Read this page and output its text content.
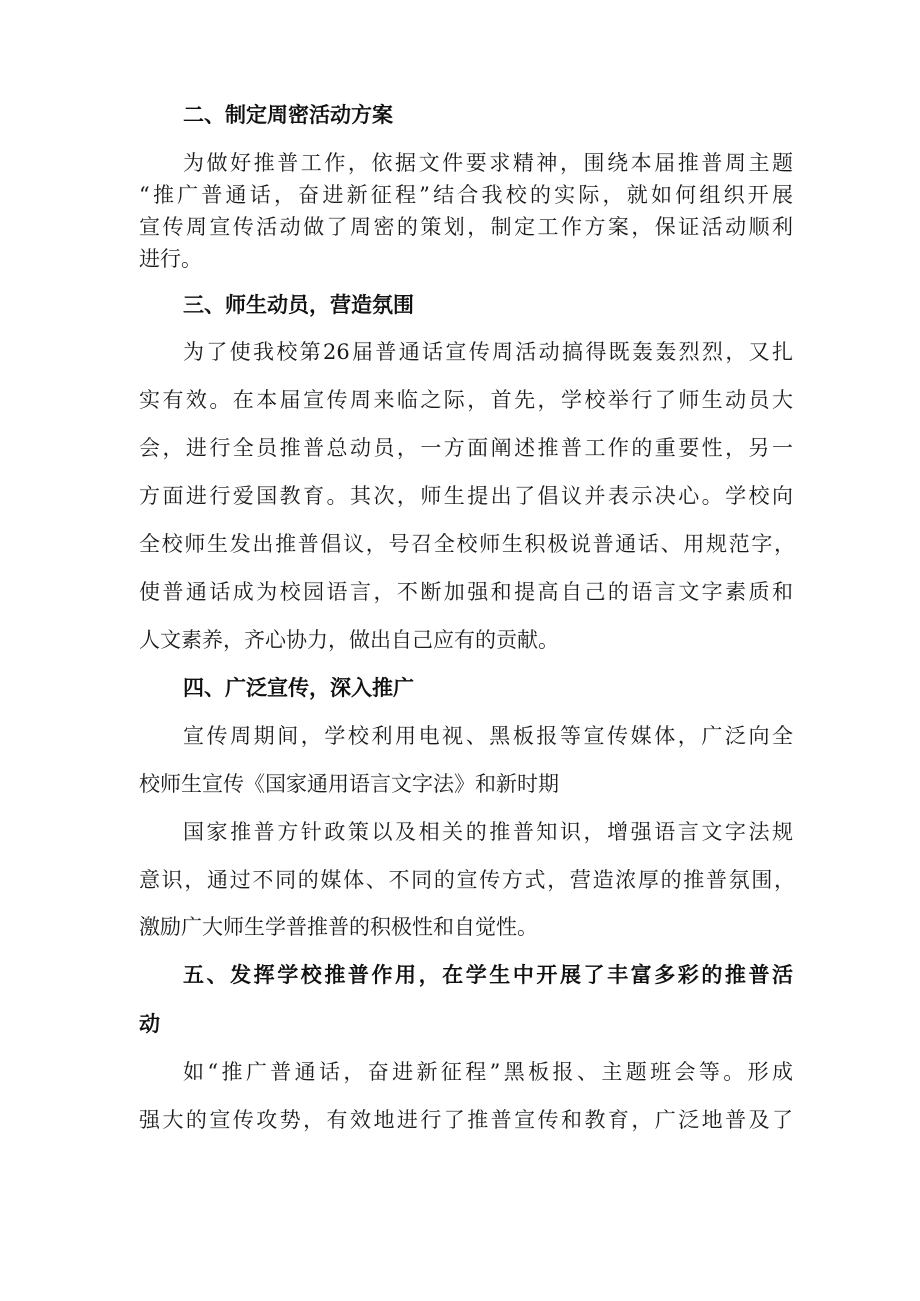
二、制定周密活动方案
为做好推普工作，依据文件要求精神，围绕本届推普周主题
“推广普通话，奋进新征程”结合我校的实际，就如何组织开展
宣传周宣传活动做了周密的策划，制定工作方案，保证活动顺利
进行。
三、师生动员，营造氛围
为了使我校第26届普通话宣传周活动搞得既轰轰烈烈，又扎
实有效。在本届宣传周来临之际，首先，学校举行了师生动员大
会，进行全员推普总动员，一方面阐述推普工作的重要性，另一
方面进行爱国教育。其次，师生提出了倡议并表示决心。学校向
全校师生发出推普倡议，号召全校师生积极说普通话、用规范字，
使普通话成为校园语言，不断加强和提高自己的语言文字素质和
人文素养，齐心协力，做出自己应有的贡献。
四、广泛宣传，深入推广
宣传周期间，学校利用电视、黑板报等宣传媒体，广泛向全
校师生宣传《国家通用语言文字法》和新时期
国家推普方针政策以及相关的推普知识，增强语言文字法规
意识，通过不同的媒体、不同的宣传方式，营造浓厚的推普氛围，
激励广大师生学普推普的积极性和自觉性。
五、发挥学校推普作用，在学生中开展了丰富多彩的推普活
动
如“推广普通话，奋进新征程”黑板报、主题班会等。形成
强大的宣传攻势，有效地进行了推普宣传和教育，广泛地普及了
